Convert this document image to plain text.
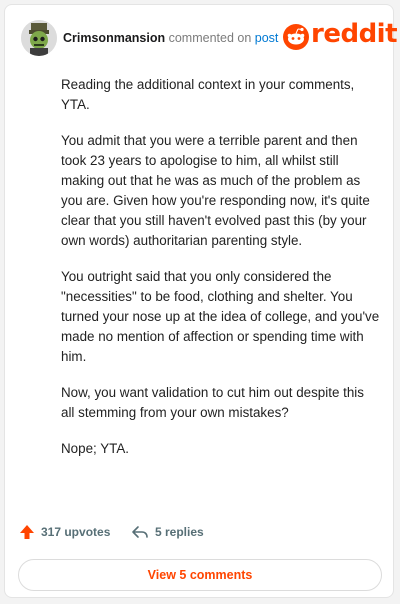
Crimsonmansion commented on post reddit

Reading the additional context in your comments, YTA.

You admit that you were a terrible parent and then took 23 years to apologise to him, all whilst still making out that he was as much of the problem as you are. Given how you're responding now, it's quite clear that you still haven't evolved past this (by your own words) authoritarian parenting style.

You outright said that you only considered the "necessities" to be food, clothing and shelter. You turned your nose up at the idea of college, and you've made no mention of affection or spending time with him.

Now, you want validation to cut him out despite this all stemming from your own mistakes?

Nope; YTA.

317 upvotes	5 replies
View 5 comments
